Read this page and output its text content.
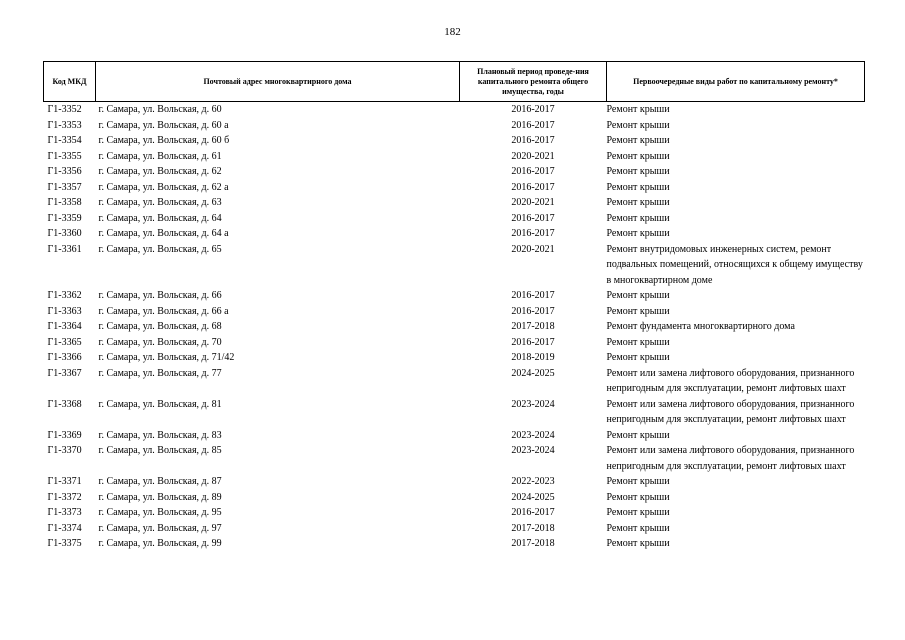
182
Код МКД	Почтовый адрес многоквартирного дома	Плановый период проведе-ния капитального ремонта общего имущества, годы	Первоочередные виды работ по капитальному ремонту*
Г1-3352	г. Самара, ул. Вольская, д. 60	2016-2017	Ремонт крыши
Г1-3353	г. Самара, ул. Вольская, д. 60 а	2016-2017	Ремонт крыши
Г1-3354	г. Самара, ул. Вольская, д. 60 б	2016-2017	Ремонт крыши
Г1-3355	г. Самара, ул. Вольская, д. 61	2020-2021	Ремонт крыши
Г1-3356	г. Самара, ул. Вольская, д. 62	2016-2017	Ремонт крыши
Г1-3357	г. Самара, ул. Вольская, д. 62 а	2016-2017	Ремонт крыши
Г1-3358	г. Самара, ул. Вольская, д. 63	2020-2021	Ремонт крыши
Г1-3359	г. Самара, ул. Вольская, д. 64	2016-2017	Ремонт крыши
Г1-3360	г. Самара, ул. Вольская, д. 64 а	2016-2017	Ремонт крыши
Г1-3361	г. Самара, ул. Вольская, д. 65	2020-2021	Ремонт внутридомовых инженерных систем, ремонт подвальных помещений, относящихся к общему имуществу в многоквартирном доме
Г1-3362	г. Самара, ул. Вольская, д. 66	2016-2017	Ремонт крыши
Г1-3363	г. Самара, ул. Вольская, д. 66 а	2016-2017	Ремонт крыши
Г1-3364	г. Самара, ул. Вольская, д. 68	2017-2018	Ремонт фундамента многоквартирного дома
Г1-3365	г. Самара, ул. Вольская, д. 70	2016-2017	Ремонт крыши
Г1-3366	г. Самара, ул. Вольская, д. 71/42	2018-2019	Ремонт крыши
Г1-3367	г. Самара, ул. Вольская, д. 77	2024-2025	Ремонт или замена лифтового оборудования, признанного непригодным для эксплуатации, ремонт лифтовых шахт
Г1-3368	г. Самара, ул. Вольская, д. 81	2023-2024	Ремонт или замена лифтового оборудования, признанного непригодным для эксплуатации, ремонт лифтовых шахт
Г1-3369	г. Самара, ул. Вольская, д. 83	2023-2024	Ремонт крыши
Г1-3370	г. Самара, ул. Вольская, д. 85	2023-2024	Ремонт или замена лифтового оборудования, признанного непригодным для эксплуатации, ремонт лифтовых шахт
Г1-3371	г. Самара, ул. Вольская, д. 87	2022-2023	Ремонт крыши
Г1-3372	г. Самара, ул. Вольская, д. 89	2024-2025	Ремонт крыши
Г1-3373	г. Самара, ул. Вольская, д. 95	2016-2017	Ремонт крыши
Г1-3374	г. Самара, ул. Вольская, д. 97	2017-2018	Ремонт крыши
Г1-3375	г. Самара, ул. Вольская, д. 99	2017-2018	Ремонт крыши
